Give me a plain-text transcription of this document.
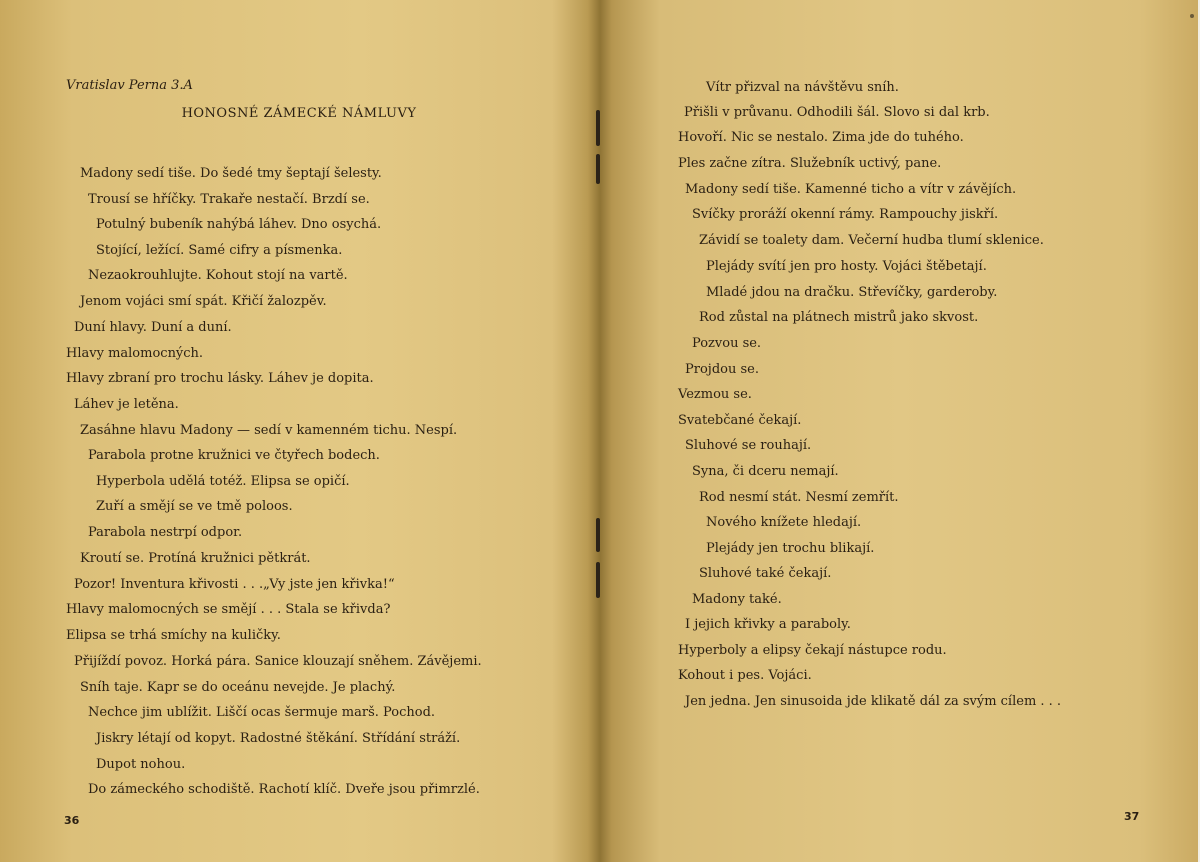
Vratislav Perna 3.A
HONOSNÉ ZÁMECKÉ NÁMLUVY
Madony sedí tiše. Do šedé tmy šeptají šelesty.
Trousí se hříčky. Trakaře nestačí. Brzdí se.
Potulný bubeník nahýbá láhev. Dno osychá.
Stojící, ležící. Samé cifry a písmenka.
Nezaokrouhlujte. Kohout stojí na vartě.
Jenom vojáci smí spát. Křičí žalozpěv.
Duní hlavy. Duní a duní.
Hlavy malomocných.
Hlavy zbraní pro trochu lásky. Láhev je dopita.
Láhev je letěna.
Zasáhne hlavu Madony — sedí v kamenném tichu. Nespí.
Parabola protne kružnici ve čtyřech bodech.
Hyperbola udělá totéž. Elipsa se opičí.
Zuří a smějí se ve tmě poloos.
Parabola nestrpí odpor.
Kroutí se. Protíná kružnici pětkrát.
Pozor! Inventura křivosti . . .„Vy jste jen křivka!“
Hlavy malomocných se smějí . . . Stala se křivda?
Elipsa se trhá smíchy na kuličky.
Přijíždí povoz. Horká pára. Sanice klouzají sněhem. Závějemi.
Sníh taje. Kapr se do oceánu nevejde. Je plachý.
Nechce jim ublížit. Liščí ocas šermuje marš. Pochod.
Jiskry létají od kopyt. Radostné štěkání. Střídání stráží.
Dupot nohou.
Do zámeckého schodiště. Rachotí klíč. Dveře jsou přimrzlé.
36
Vítr přizval na návštěvu sníh.
Přišli v průvanu. Odhodili šál. Slovo si dal krb.
Hovoří. Nic se nestalo. Zima jde do tuhého.
Ples začne zítra. Služebník uctivý, pane.
Madony sedí tiše. Kamenné ticho a vítr v závějích.
Svíčky proráží okenní rámy. Rampouchy jiskří.
Závidí se toalety dam. Večerní hudba tlumí sklenice.
Plejády svítí jen pro hosty. Vojáci štěbetají.
Mladé jdou na dračku. Střevíčky, garderoby.
Rod zůstal na plátnech mistrů jako skvost.
Pozvou se.
Projdou se.
Vezmou se.
Svatebčané čekají.
Sluhové se rouhají.
Syna, či dceru nemají.
Rod nesmí stát. Nesmí zemřít.
Nového knížete hledají.
Plejády jen trochu blikají.
Sluhové také čekají.
Madony také.
I jejich křivky a paraboly.
Hyperboly a elipsy čekají nástupce rodu.
Kohout i pes. Vojáci.
Jen jedna. Jen sinusoida jde klikatě dál za svým cílem . . .
37
